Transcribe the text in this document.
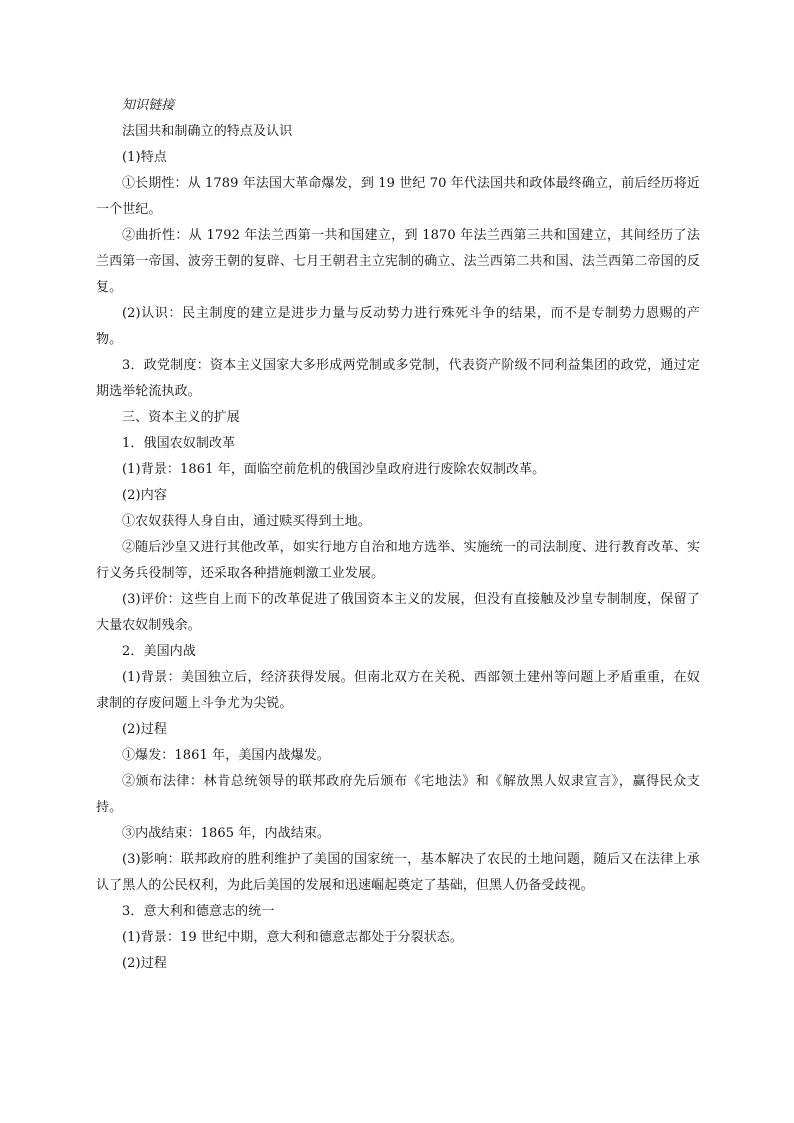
知识链接

法国共和制确立的特点及认识

(1)特点

①长期性：从 1789 年法国大革命爆发，到 19 世纪 70 年代法国共和政体最终确立，前后经历将近一个世纪。

②曲折性：从 1792 年法兰西第一共和国建立，到 1870 年法兰西第三共和国建立，其间经历了法兰西第一帝国、波旁王朝的复辟、七月王朝君主立宪制的确立、法兰西第二共和国、法兰西第二帝国的反复。

(2)认识：民主制度的建立是进步力量与反动势力进行殊死斗争的结果，而不是专制势力恩赐的产物。

3．政党制度：资本主义国家大多形成两党制或多党制，代表资产阶级不同利益集团的政党，通过定期选举轮流执政。

三、资本主义的扩展

1．俄国农奴制改革

(1)背景：1861 年，面临空前危机的俄国沙皇政府进行废除农奴制改革。

(2)内容

①农奴获得人身自由，通过赎买得到土地。

②随后沙皇又进行其他改革，如实行地方自治和地方选举、实施统一的司法制度、进行教育改革、实行义务兵役制等，还采取各种措施刺激工业发展。

(3)评价：这些自上而下的改革促进了俄国资本主义的发展，但没有直接触及沙皇专制制度，保留了大量农奴制残余。

2．美国内战

(1)背景：美国独立后，经济获得发展。但南北双方在关税、西部领土建州等问题上矛盾重重，在奴隶制的存废问题上斗争尤为尖锐。

(2)过程

①爆发：1861 年，美国内战爆发。

②颁布法律：林肯总统领导的联邦政府先后颁布《宅地法》和《解放黑人奴隶宣言》，赢得民众支持。

③内战结束：1865 年，内战结束。

(3)影响：联邦政府的胜利维护了美国的国家统一，基本解决了农民的土地问题，随后又在法律上承认了黑人的公民权利，为此后美国的发展和迅速崛起奠定了基础，但黑人仍备受歧视。

3．意大利和德意志的统一

(1)背景：19 世纪中期，意大利和德意志都处于分裂状态。

(2)过程
